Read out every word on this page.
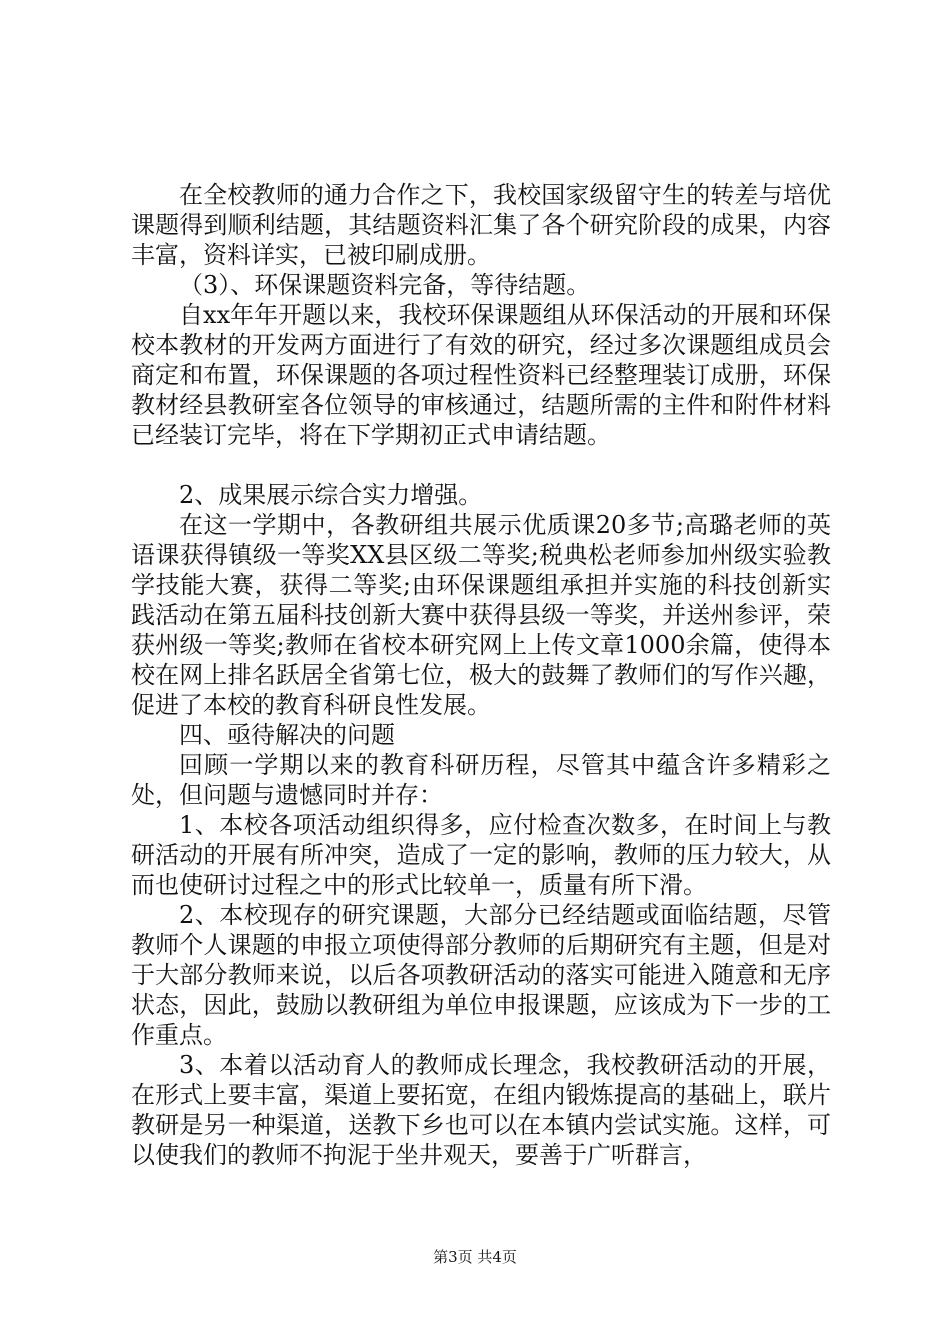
在全校教师的通力合作之下，我校国家级留守生的转差与培优课题得到顺利结题，其结题资料汇集了各个研究阶段的成果，内容丰富，资料详实，已被印刷成册。

（3）、环保课题资料完备，等待结题。

自xx年年开题以来，我校环保课题组从环保活动的开展和环保校本教材的开发两方面进行了有效的研究，经过多次课题组成员会商定和布置，环保课题的各项过程性资料已经整理装订成册，环保教材经县教研室各位领导的审核通过，结题所需的主件和附件材料已经装订完毕，将在下学期初正式申请结题。

2、成果展示综合实力增强。

在这一学期中，各教研组共展示优质课20多节;高璐老师的英语课获得镇级一等奖XX县区级二等奖;税典松老师参加州级实验教学技能大赛，获得二等奖;由环保课题组承担并实施的科技创新实践活动在第五届科技创新大赛中获得县级一等奖，并送州参评，荣获州级一等奖;教师在省校本研究网上上传文章1000余篇，使得本校在网上排名跃居全省第七位，极大的鼓舞了教师们的写作兴趣，促进了本校的教育科研良性发展。

四、亟待解决的问题

回顾一学期以来的教育科研历程，尽管其中蕴含许多精彩之处，但问题与遗憾同时并存：

1、本校各项活动组织得多，应付检查次数多，在时间上与教研活动的开展有所冲突，造成了一定的影响，教师的压力较大，从而也使研讨过程之中的形式比较单一，质量有所下滑。

2、本校现存的研究课题，大部分已经结题或面临结题，尽管教师个人课题的申报立项使得部分教师的后期研究有主题，但是对于大部分教师来说，以后各项教研活动的落实可能进入随意和无序状态，因此，鼓励以教研组为单位申报课题，应该成为下一步的工作重点。

3、本着以活动育人的教师成长理念，我校教研活动的开展，在形式上要丰富，渠道上要拓宽，在组内锻炼提高的基础上，联片教研是另一种渠道，送教下乡也可以在本镇内尝试实施。这样，可以使我们的教师不拘泥于坐井观天，要善于广听群言，

第3页 共4页
